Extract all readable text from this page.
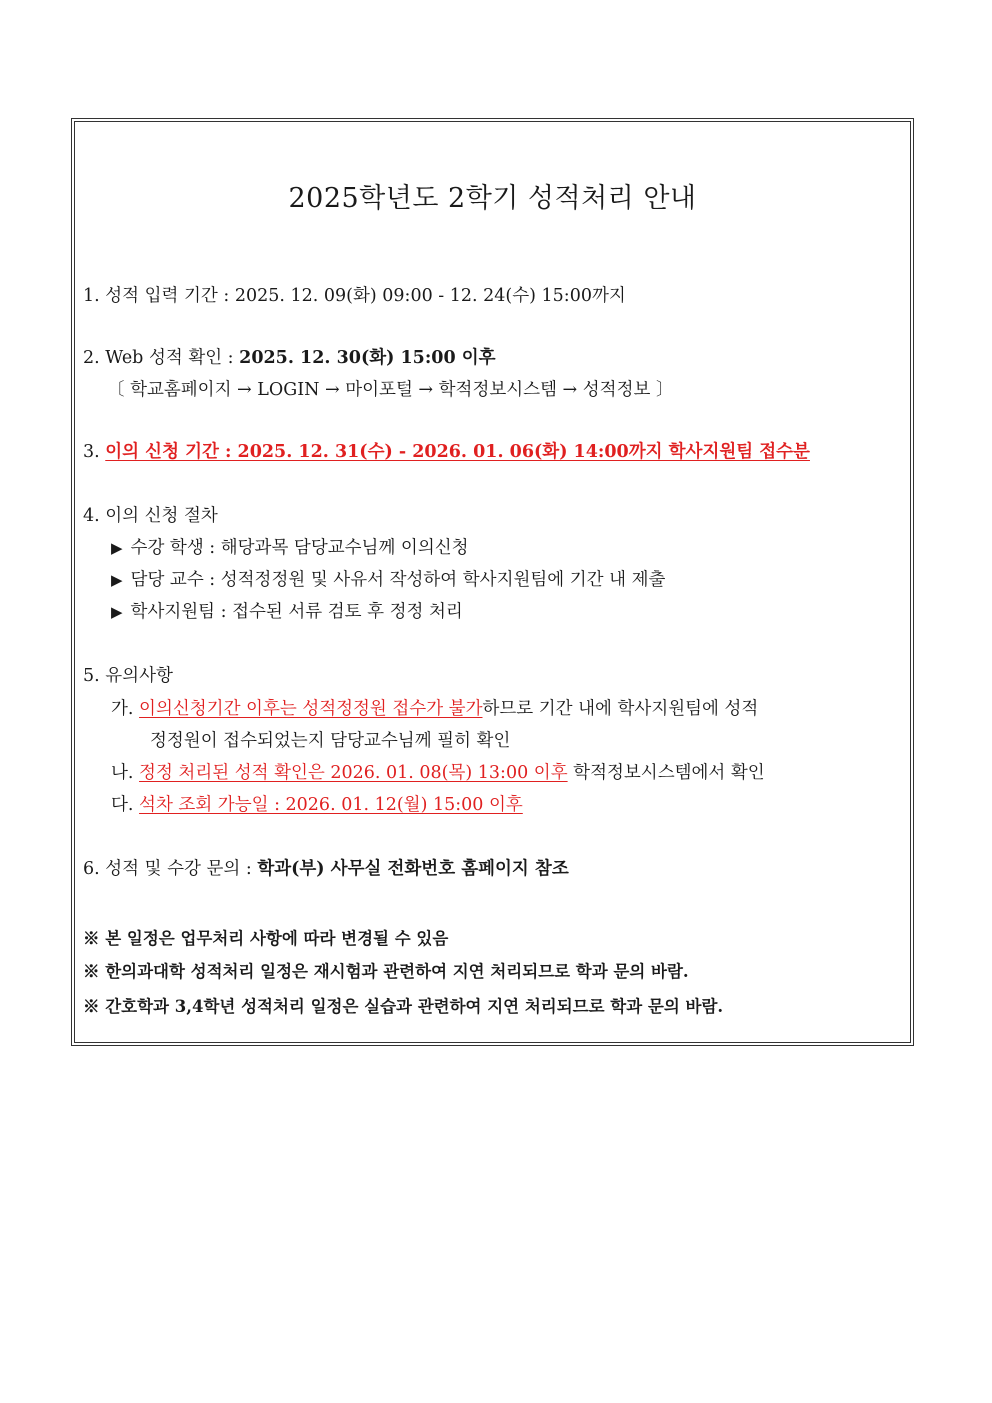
2025학년도 2학기 성적처리 안내
1. 성적 입력 기간 : 2025. 12. 09(화) 09:00 - 12. 24(수) 15:00까지
2. Web 성적 확인 : 2025. 12. 30(화) 15:00 이후
〔 학교홈페이지 → LOGIN → 마이포털 → 학적정보시스템 → 성적정보 〕
3. 이의 신청 기간 : 2025. 12. 31(수) - 2026. 01. 06(화) 14:00까지 학사지원팀 접수분
4. 이의 신청 절차
▶ 수강 학생 : 해당과목 담당교수님께 이의신청
▶ 담당 교수 : 성적정정원 및 사유서 작성하여 학사지원팀에 기간 내 제출
▶ 학사지원팀 : 접수된 서류 검토 후 정정 처리
5. 유의사항
가. 이의신청기간 이후는 성적정정원 접수가 불가하므로 기간 내에 학사지원팀에 성적
정정원이 접수되었는지 담당교수님께 필히 확인
나. 정정 처리된 성적 확인은 2026. 01. 08(목) 13:00 이후 학적정보시스템에서 확인
다. 석차 조회 가능일 : 2026. 01. 12(월) 15:00 이후
6. 성적 및 수강 문의 : 학과(부) 사무실 전화번호 홈페이지 참조
※ 본 일정은 업무처리 사항에 따라 변경될 수 있음
※ 한의과대학 성적처리 일정은 재시험과 관련하여 지연 처리되므로 학과 문의 바람.
※ 간호학과 3,4학년 성적처리 일정은 실습과 관련하여 지연 처리되므로 학과 문의 바람.
